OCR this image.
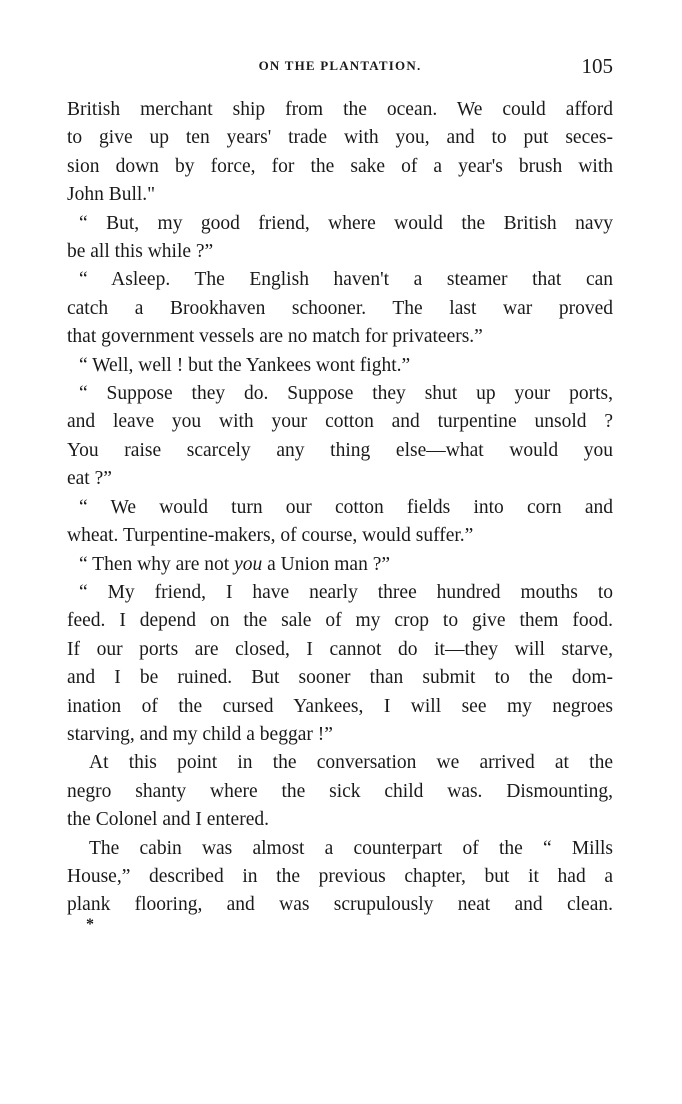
ON THE PLANTATION.	105

British merchant ship from the ocean. We could afford

to give up ten years' trade with you, and to put seces-

sion down by force, for the sake of a year's brush with

John Bull."

“ But, my good friend, where would the British navy

be all this while ?”

“ Asleep. The English haven't a steamer that can

catch a Brookhaven schooner. The last war proved

that government vessels are no match for privateers.”

“ Well, well ! but the Yankees wont fight.”

“ Suppose they do. Suppose they shut up your ports,

and leave you with your cotton and turpentine unsold ?

You raise scarcely any thing else—what would you

eat ?”

“ We would turn our cotton fields into corn and

wheat. Turpentine-makers, of course, would suffer.”

“ Then why are not you a Union man ?”

“ My friend, I have nearly three hundred mouths to

feed. I depend on the sale of my crop to give them food.

If our ports are closed, I cannot do it—they will starve,

and I be ruined. But sooner than submit to the dom-

ination of the cursed Yankees, I will see my negroes

starving, and my child a beggar !”

At this point in the conversation we arrived at the

negro shanty where the sick child was. Dismounting,

the Colonel and I entered.

The cabin was almost a counterpart of the “ Mills

House,” described in the previous chapter, but it had a

plank flooring, and was scrupulously neat and clean.

*
